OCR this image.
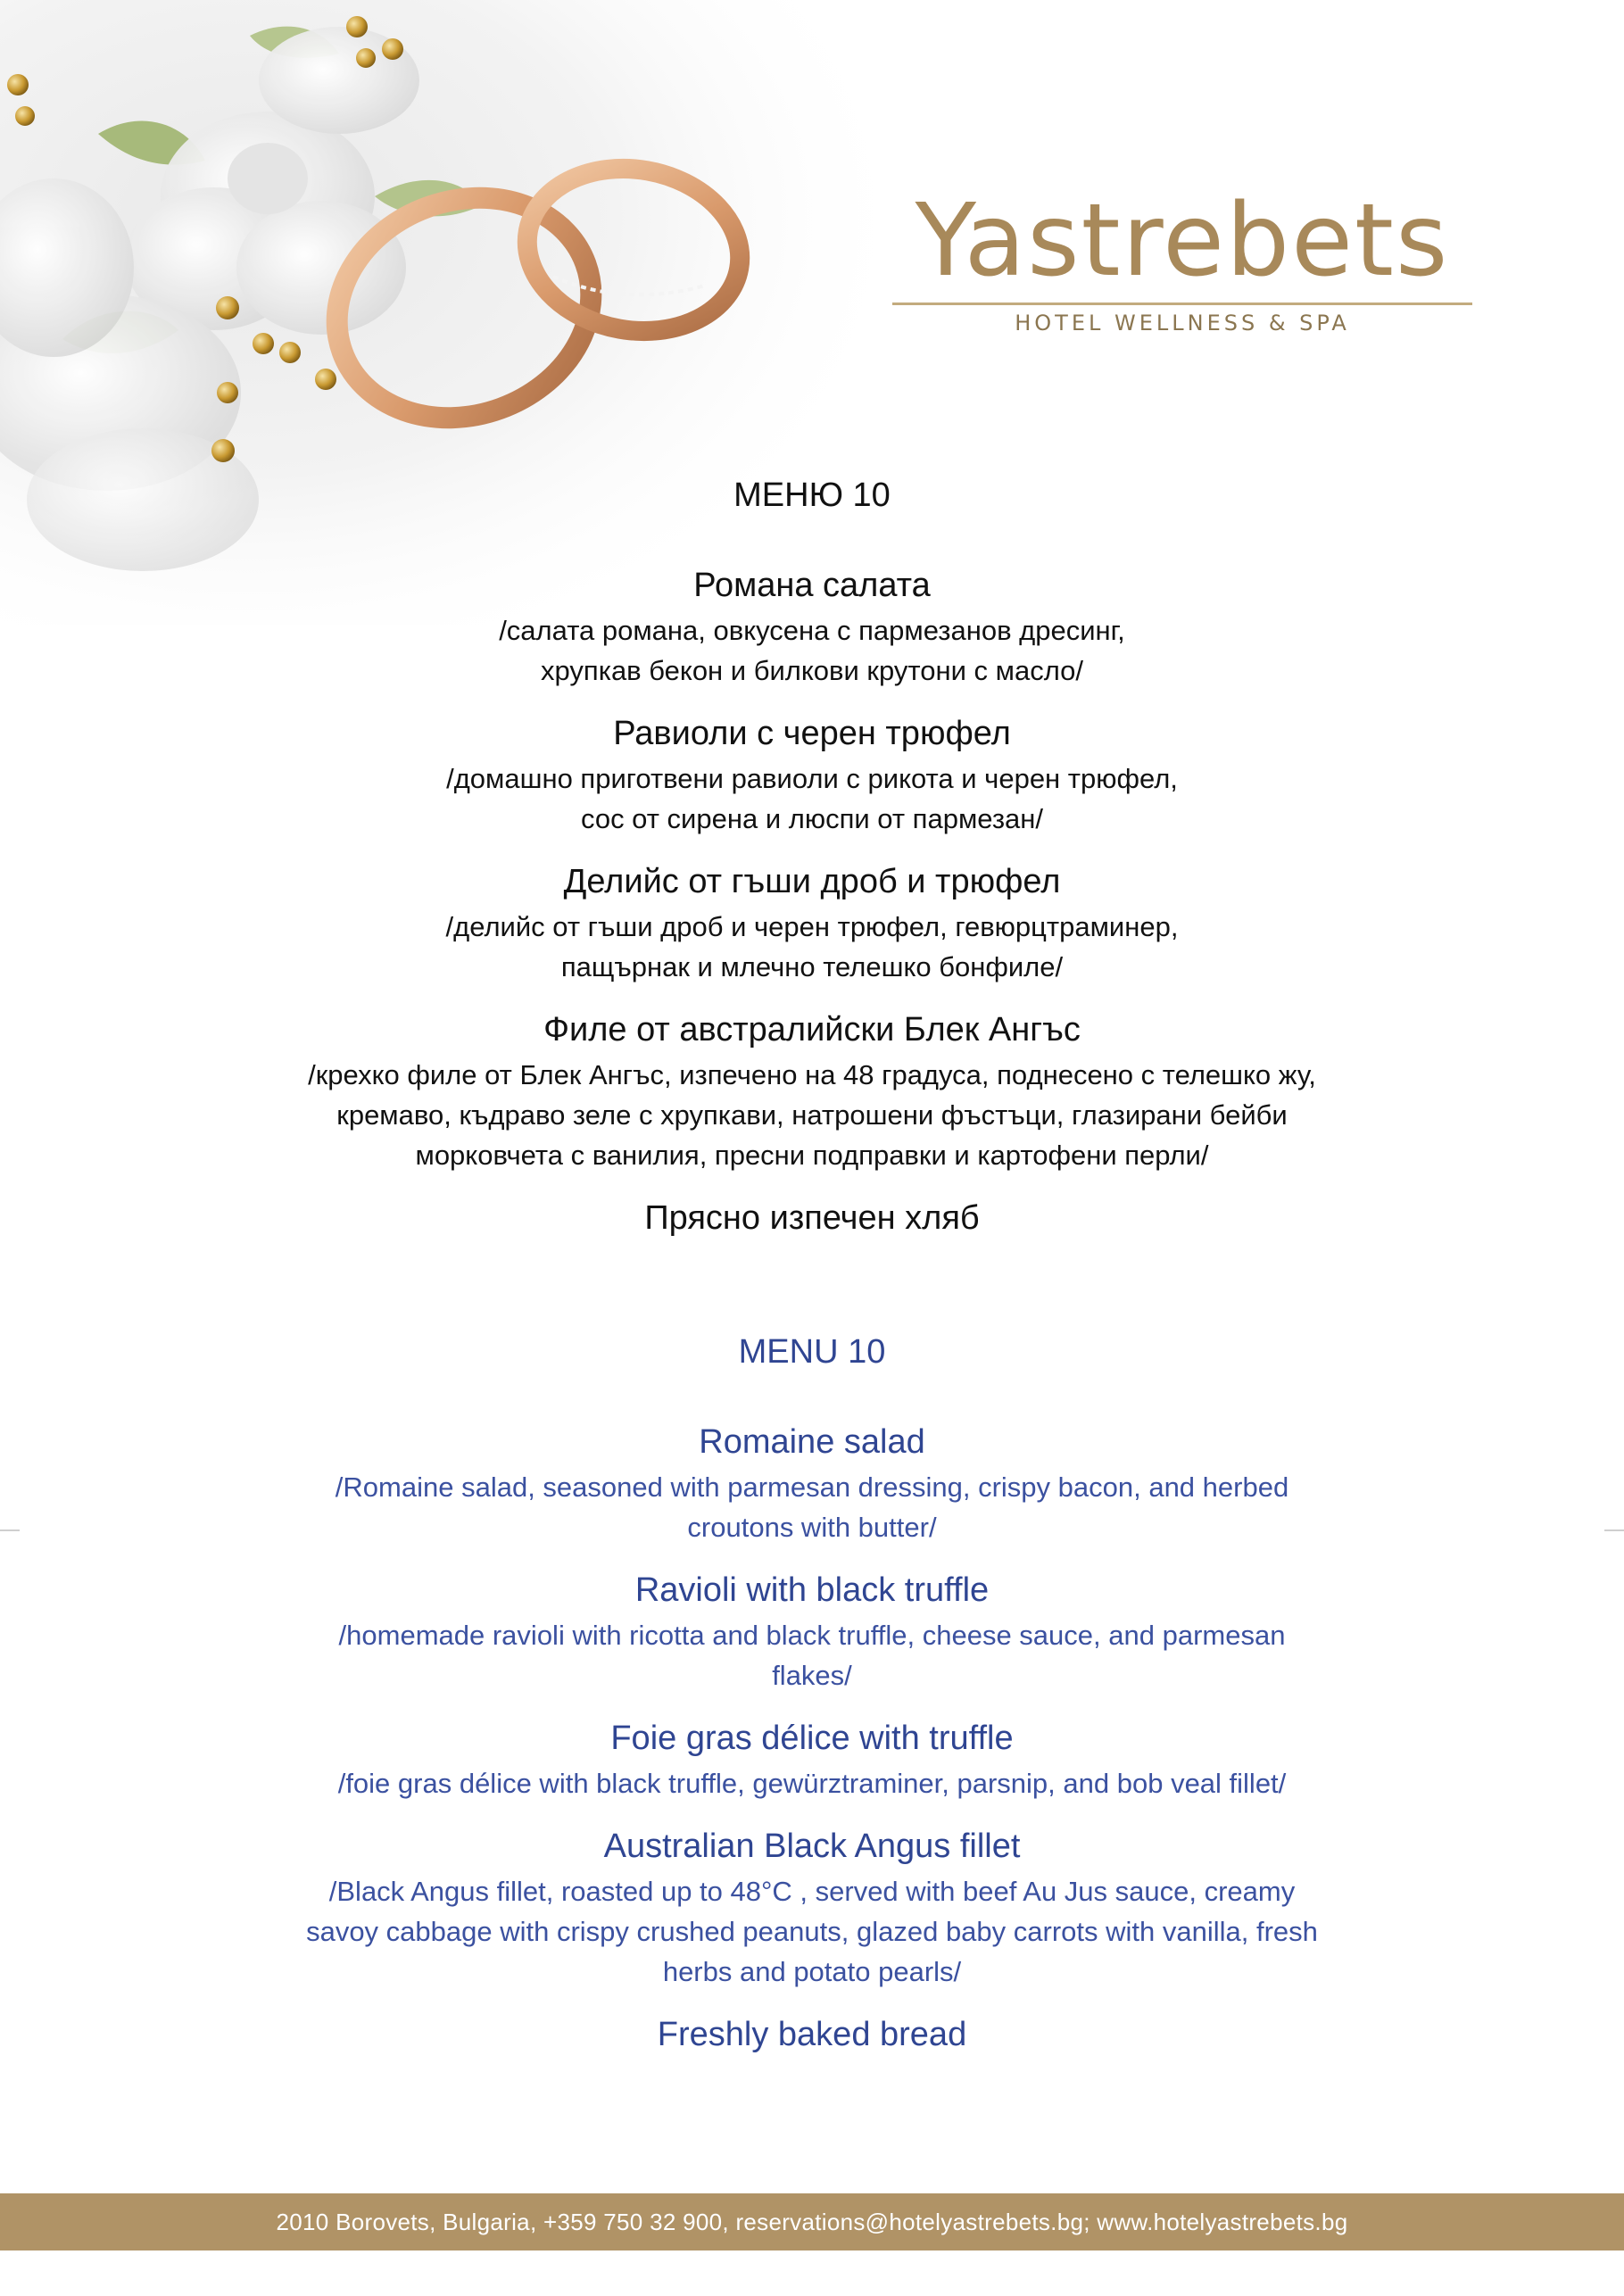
Yastrebets
HOTEL WELLNESS & SPA
МЕНЮ 10
Романа салата
/салата романа, овкусена с пармезанов дресинг,
хрупкав бекон и билкови крутони с масло/
Равиоли с черен трюфел
/домашно приготвени равиоли с рикота и черен трюфел,
сос от сирена и люспи от пармезан/
Делийс от гъши дроб и трюфел
/делийс от гъши дроб и черен трюфел, гевюрцтраминер,
пащърнак и млечно телешко бонфиле/
Филе от австралийски Блек Ангъс
/крехко филе от Блек Ангъс, изпечено на 48 градуса, поднесено с телешко жу,
кремаво, къдраво зеле с хрупкави, натрошени фъстъци, глазирани бейби
морковчета с ванилия, пресни подправки и картофени перли/
Прясно изпечен хляб
MENU 10
Romaine salad
/Romaine salad, seasoned with parmesan dressing, crispy bacon, and herbed
croutons with butter/
Ravioli with black truffle
/homemade ravioli with ricotta and black truffle, cheese sauce, and parmesan
flakes/
Foie gras délice with truffle
/foie gras délice with black truffle, gewürztraminer, parsnip, and bob veal fillet/
Australian Black Angus fillet
/Black Angus fillet, roasted up to 48°C , served with beef Au Jus sauce, creamy
savoy cabbage with crispy crushed peanuts, glazed baby carrots with vanilla, fresh
herbs and potato pearls/
Freshly baked bread
2010 Borovets, Bulgaria, +359 750 32 900, reservations@hotelyastrebets.bg; www.hotelyastrebets.bg
